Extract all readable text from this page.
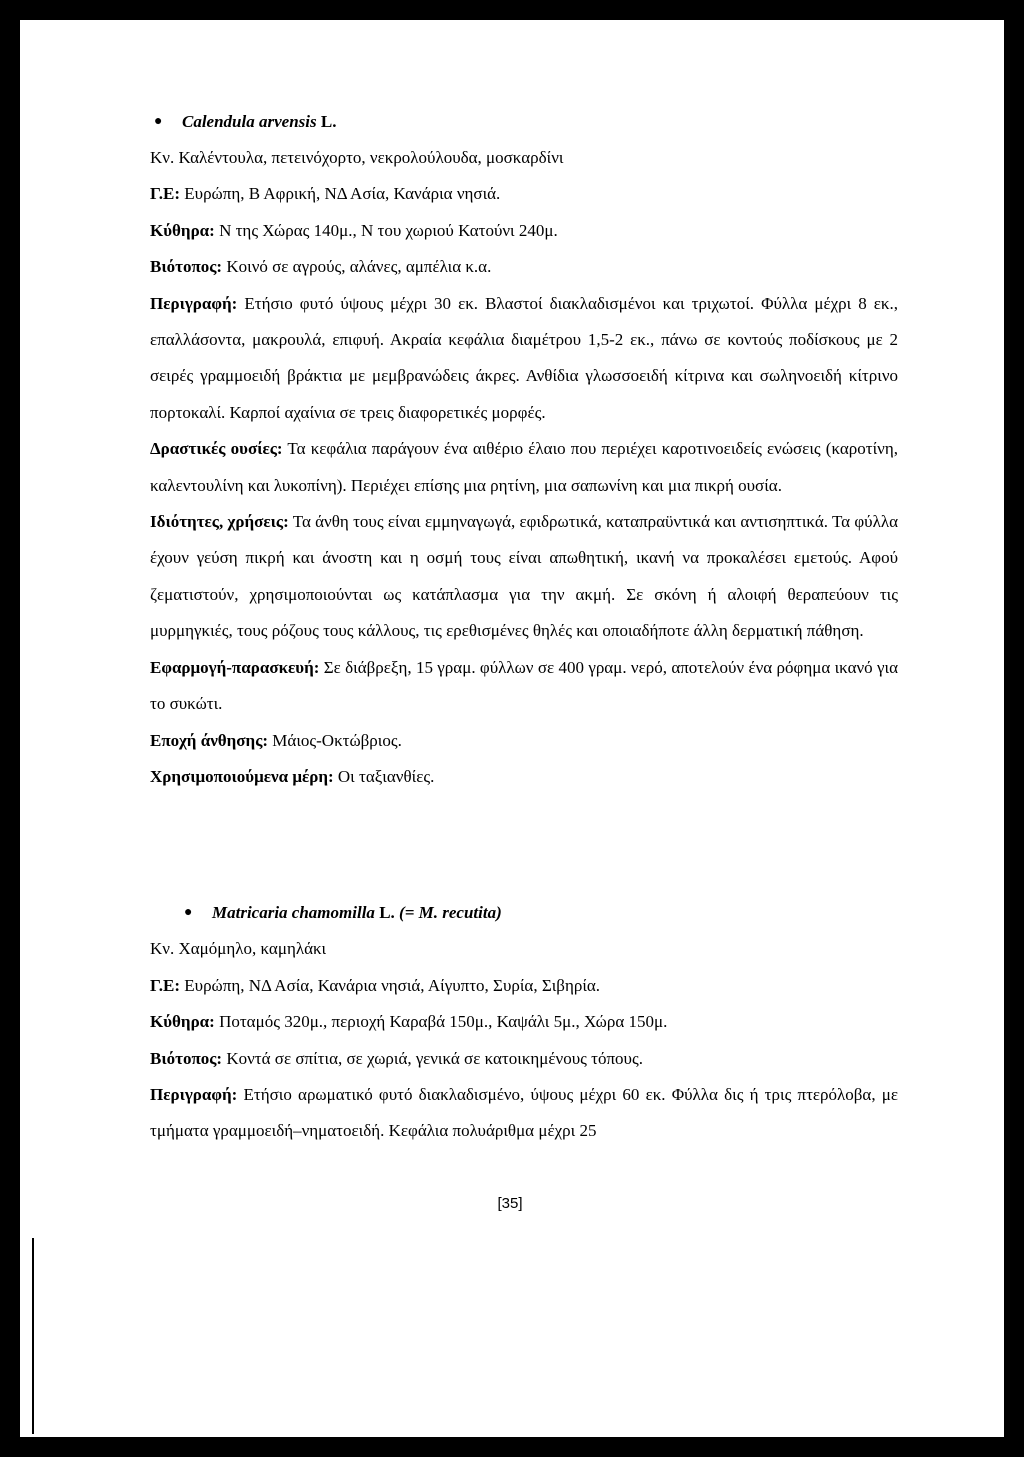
● Calendula arvensis L.

Κν. Καλέντουλα, πετεινόχορτο, νεκρολούλουδα, μοσκαρδίνι

Γ.Ε: Ευρώπη, Β Αφρική, ΝΔ Ασία, Κανάρια νησιά.

Κύθηρα: Ν της Χώρας 140μ., Ν του χωριού Κατούνι 240μ.

Βιότοπος: Κοινό σε αγρούς, αλάνες, αμπέλια κ.α.

Περιγραφή: Ετήσιο φυτό ύψους μέχρι 30 εκ. Βλαστοί διακλαδισμένοι και τριχωτοί. Φύλλα μέχρι 8 εκ., επαλλάσοντα, μακρουλά, επιφυή. Ακραία κεφάλια διαμέτρου 1,5-2 εκ., πάνω σε κοντούς ποδίσκους με 2 σειρές γραμμοειδή βράκτια με μεμβρανώδεις άκρες. Ανθίδια γλωσσοειδή κίτρινα και σωληνοειδή κίτρινο πορτοκαλί. Καρποί αχαίνια σε τρεις διαφορετικές μορφές.

Δραστικές ουσίες: Τα κεφάλια παράγουν ένα αιθέριο έλαιο που περιέχει καροτινοειδείς ενώσεις (καροτίνη, καλεντουλίνη και λυκοπίνη). Περιέχει επίσης μια ρητίνη, μια σαπωνίνη και μια πικρή ουσία.

Ιδιότητες, χρήσεις: Τα άνθη τους είναι εμμηναγωγά, εφιδρωτικά, καταπραϋντικά και αντισηπτικά. Τα φύλλα έχουν γεύση πικρή και άνοστη και η οσμή τους είναι απωθητική, ικανή να προκαλέσει εμετούς. Αφού ζεματιστούν, χρησιμοποιούνται ως κατάπλασμα για την ακμή. Σε σκόνη ή αλοιφή θεραπεύουν τις μυρμηγκιές, τους ρόζους τους κάλλους, τις ερεθισμένες θηλές και οποιαδήποτε άλλη δερματική πάθηση.

Εφαρμογή-παρασκευή: Σε διάβρεξη, 15 γραμ. φύλλων σε 400 γραμ. νερό, αποτελούν ένα ρόφημα ικανό για το συκώτι.

Εποχή άνθησης: Μάιος-Οκτώβριος.

Χρησιμοποιούμενα μέρη: Οι ταξιανθίες.

● Matricaria chamomilla L. (= M. recutita)

Κν. Χαμόμηλο, καμηλάκι

Γ.Ε: Ευρώπη, ΝΔ Ασία, Κανάρια νησιά, Αίγυπτο, Συρία, Σιβηρία.

Κύθηρα: Ποταμός 320μ., περιοχή Καραβά 150μ., Καψάλι 5μ., Χώρα 150μ.

Βιότοπος: Κοντά σε σπίτια, σε χωριά, γενικά σε κατοικημένους τόπους.

Περιγραφή: Ετήσιο αρωματικό φυτό διακλαδισμένο, ύψους μέχρι 60 εκ. Φύλλα δις ή τρις πτερόλοβα, με τμήματα γραμμοειδή–νηματοειδή. Κεφάλια πολυάριθμα μέχρι 25

[35]
